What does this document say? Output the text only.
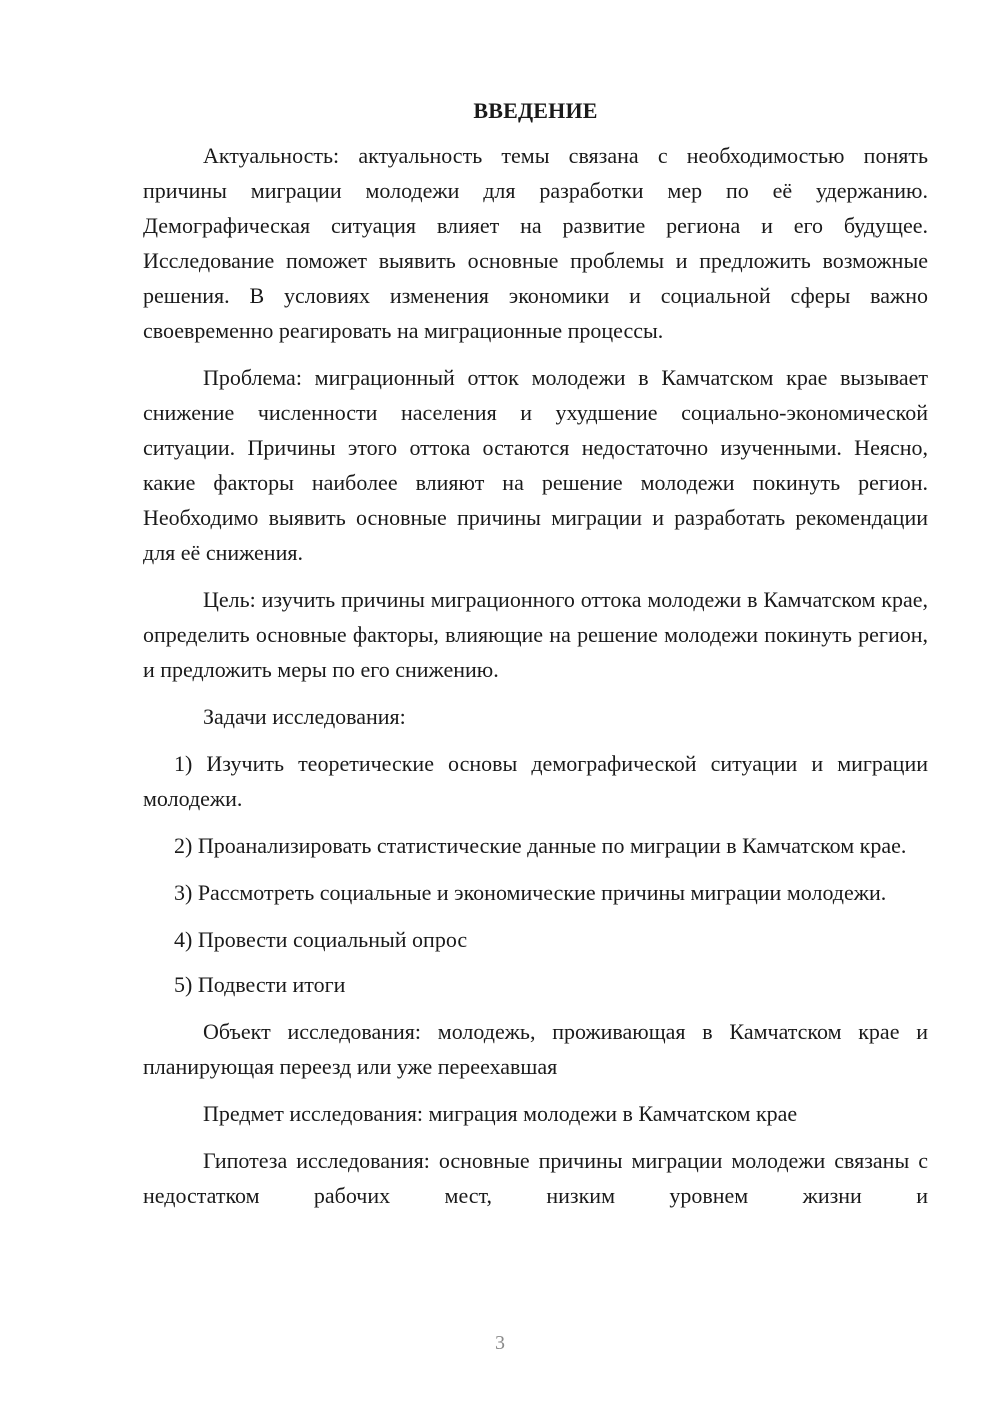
ВВЕДЕНИЕ
Актуальность: актуальность темы связана с необходимостью понять причины миграции молодежи для разработки мер по её удержанию. Демографическая ситуация влияет на развитие региона и его будущее. Исследование поможет выявить основные проблемы и предложить возможные решения. В условиях изменения экономики и социальной сферы важно своевременно реагировать на миграционные процессы.
Проблема: миграционный отток молодежи в Камчатском крае вызывает снижение численности населения и ухудшение социально-экономической ситуации. Причины этого оттока остаются недостаточно изученными. Неясно, какие факторы наиболее влияют на решение молодежи покинуть регион. Необходимо выявить основные причины миграции и разработать рекомендации для её снижения.
Цель: изучить причины миграционного оттока молодежи в Камчатском крае, определить основные факторы, влияющие на решение молодежи покинуть регион, и предложить меры по его снижению.
Задачи исследования:
1) Изучить теоретические основы демографической ситуации и миграции молодежи.
2) Проанализировать статистические данные по миграции в Камчатском крае.
3) Рассмотреть социальные и экономические причины миграции молодежи.
4) Провести социальный опрос
5) Подвести итоги
Объект исследования: молодежь, проживающая в Камчатском крае и планирующая переезд или уже переехавшая
Предмет исследования: миграция молодежи в Камчатском крае
Гипотеза исследования: основные причины миграции молодежи связаны с недостатком рабочих мест, низким уровнем жизни и
3
